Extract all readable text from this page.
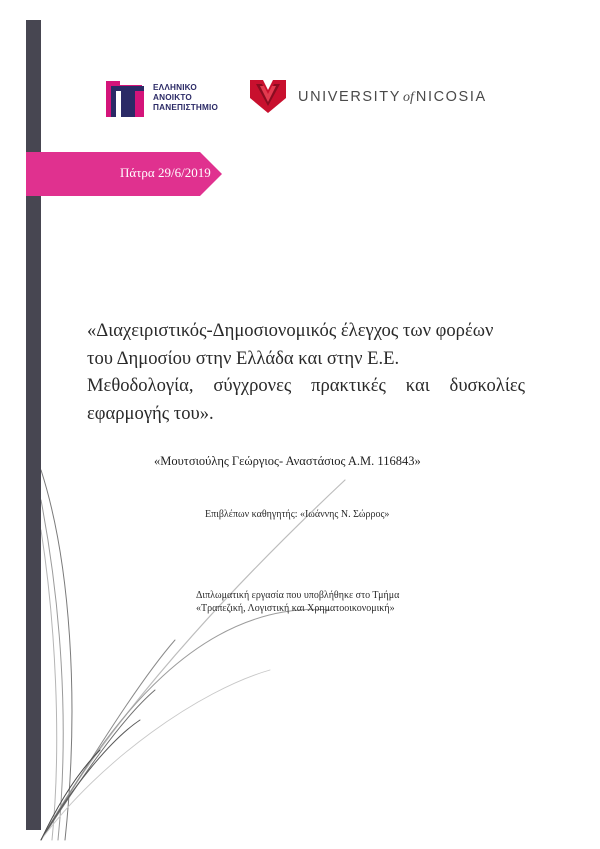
ΕΛΛΗΝΙΚΟ
ΑΝΟΙΚΤΟ
ΠΑΝΕΠΙΣΤΗΜΙΟ
UNIVERSITY of NICOSIA
Πάτρα 29/6/2019
«Διαχειριστικός-Δημοσιονομικός έλεγχος των φορέων
του Δημοσίου στην Ελλάδα και στην Ε.Ε.
Μεθοδολογία, σύγχρονες πρακτικές και δυσκολίες
εφαρμογής του».
«Μουτσιούλης Γεώργιος- Αναστάσιος Α.Μ. 116843»
Επιβλέπων καθηγητής: «Ιωάννης Ν. Σώρρος»
Διπλωματική εργασία που υποβλήθηκε στο Τμήμα
«Τραπεζική, Λογιστική και Χρηματοοικονομική»
